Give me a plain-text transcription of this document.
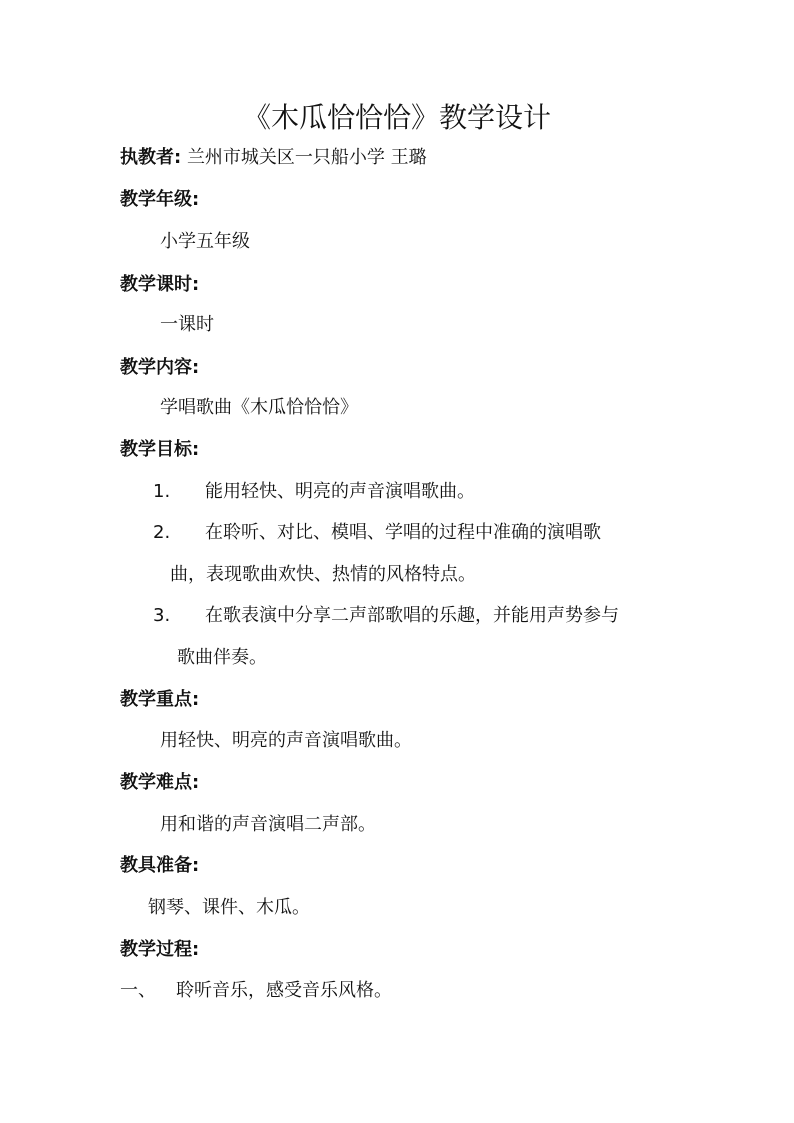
《木瓜恰恰恰》教学设计
执教者: 兰州市城关区一只船小学 王璐
教学年级:
小学五年级
教学课时:
一课时
教学内容:
学唱歌曲《木瓜恰恰恰》
教学目标:
1. 能用轻快、明亮的声音演唱歌曲。
2. 在聆听、对比、模唱、学唱的过程中准确的演唱歌
曲，表现歌曲欢快、热情的风格特点。
3. 在歌表演中分享二声部歌唱的乐趣，并能用声势参与
歌曲伴奏。
教学重点:
用轻快、明亮的声音演唱歌曲。
教学难点:
用和谐的声音演唱二声部。
教具准备:
钢琴、课件、木瓜。
教学过程:
一、 聆听音乐，感受音乐风格。
